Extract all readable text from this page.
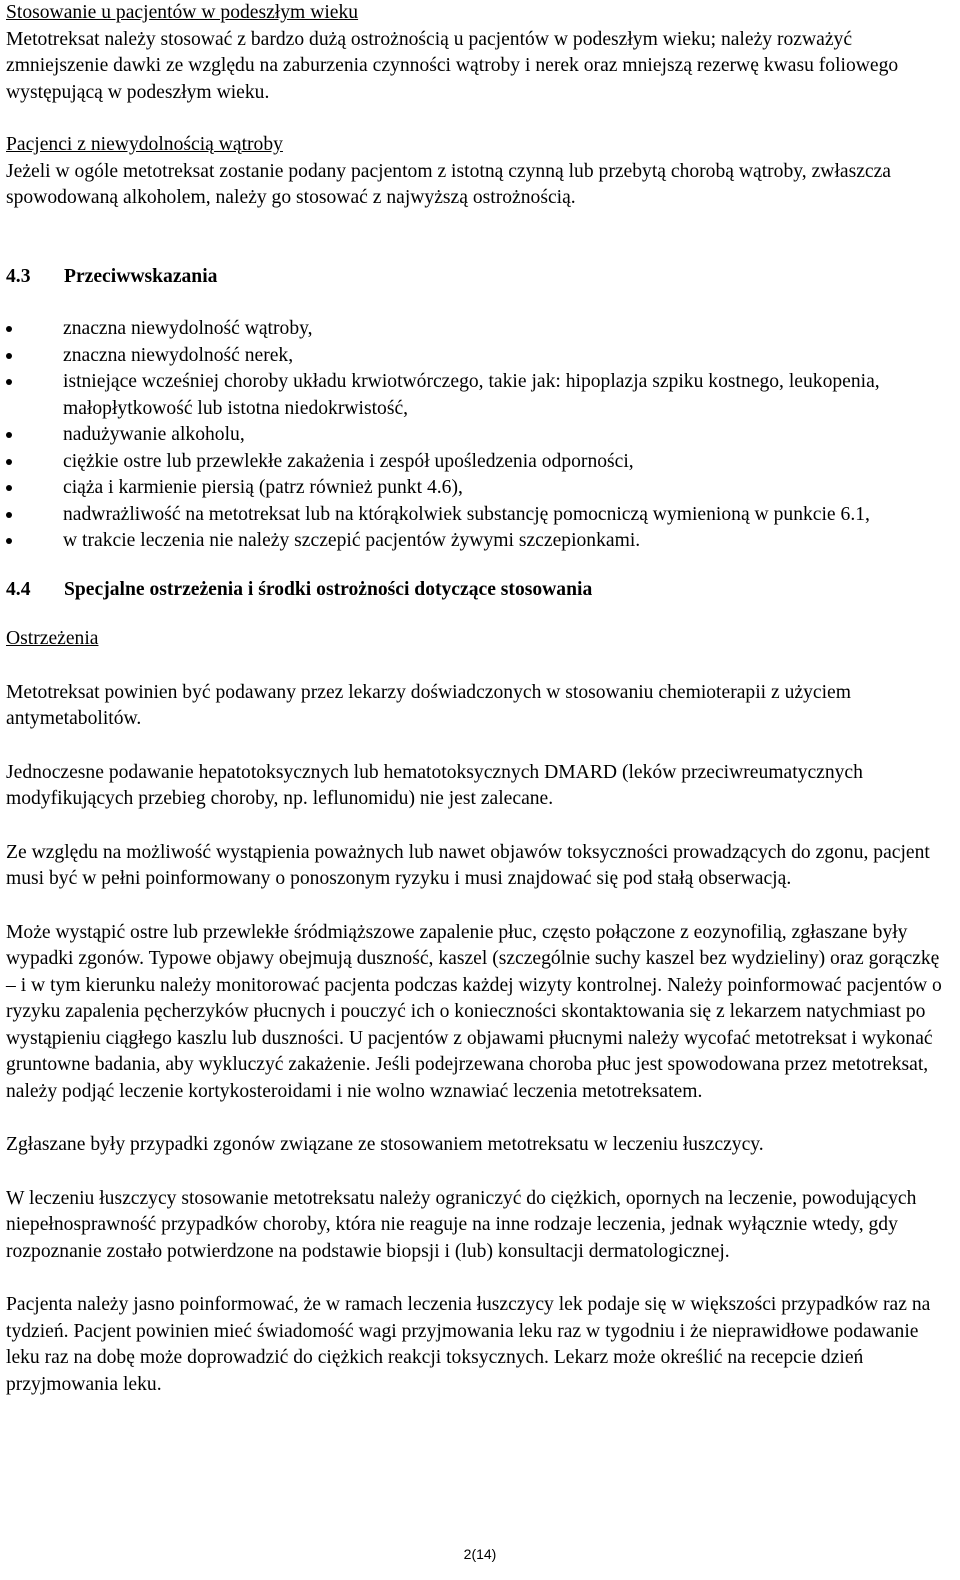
Stosowanie u pacjentów w podeszłym wieku

Metotreksat należy stosować z bardzo dużą ostrożnością u pacjentów w podeszłym wieku; należy rozważyć zmniejszenie dawki ze względu na zaburzenia czynności wątroby i nerek oraz mniejszą rezerwę kwasu foliowego występującą w podeszłym wieku.

Pacjenci z niewydolnością wątroby

Jeżeli w ogóle metotreksat zostanie podany pacjentom z istotną czynną lub przebytą chorobą wątroby, zwłaszcza spowodowaną alkoholem, należy go stosować z najwyższą ostrożnością.

4.3	Przeciwwskazania
znaczna niewydolność wątroby,
znaczna niewydolność nerek,
istniejące wcześniej choroby układu krwiotwórczego, takie jak: hipoplazja szpiku kostnego, leukopenia, małopłytkowość lub istotna niedokrwistość,
nadużywanie alkoholu,
ciężkie ostre lub przewlekłe zakażenia i zespół upośledzenia odporności,
ciąża i karmienie piersią (patrz również punkt 4.6),
nadwrażliwość na metotreksat lub na którąkolwiek substancję pomocniczą wymienioną w punkcie 6.1,
w trakcie leczenia nie należy szczepić pacjentów żywymi szczepionkami.
4.4	Specjalne ostrzeżenia i środki ostrożności dotyczące stosowania

Ostrzeżenia

Metotreksat powinien być podawany przez lekarzy doświadczonych w stosowaniu chemioterapii z użyciem antymetabolitów.

Jednoczesne podawanie hepatotoksycznych lub hematotoksycznych DMARD (leków przeciwreumatycznych modyfikujących przebieg choroby, np. leflunomidu) nie jest zalecane.

Ze względu na możliwość wystąpienia poważnych lub nawet objawów toksyczności prowadzących do zgonu, pacjent musi być w pełni poinformowany o ponoszonym ryzyku i musi znajdować się pod stałą obserwacją.

Może wystąpić ostre lub przewlekłe śródmiąższowe zapalenie płuc, często połączone z eozynofilią, zgłaszane były wypadki zgonów. Typowe objawy obejmują duszność, kaszel (szczególnie suchy kaszel bez wydzieliny) oraz gorączkę – i w tym kierunku należy monitorować pacjenta podczas każdej wizyty kontrolnej. Należy poinformować pacjentów o ryzyku zapalenia pęcherzyków płucnych i pouczyć ich o konieczności skontaktowania się z lekarzem natychmiast po wystąpieniu ciągłego kaszlu lub duszności. U pacjentów z objawami płucnymi należy wycofać metotreksat i wykonać gruntowne badania, aby wykluczyć zakażenie. Jeśli podejrzewana choroba płuc jest spowodowana przez metotreksat, należy podjąć leczenie kortykosteroidami i nie wolno wznawiać leczenia metotreksatem.

Zgłaszane były przypadki zgonów związane ze stosowaniem metotreksatu w leczeniu łuszczycy.

W leczeniu łuszczycy stosowanie metotreksatu należy ograniczyć do ciężkich, opornych na leczenie, powodujących niepełnosprawność przypadków choroby, która nie reaguje na inne rodzaje leczenia, jednak wyłącznie wtedy, gdy rozpoznanie zostało potwierdzone na podstawie biopsji i (lub) konsultacji dermatologicznej.

Pacjenta należy jasno poinformować, że w ramach leczenia łuszczycy lek podaje się w większości przypadków raz na tydzień. Pacjent powinien mieć świadomość wagi przyjmowania leku raz w tygodniu i że nieprawidłowe podawanie leku raz na dobę może doprowadzić do ciężkich reakcji toksycznych. Lekarz może określić na recepcie dzień przyjmowania leku.

2(14)
